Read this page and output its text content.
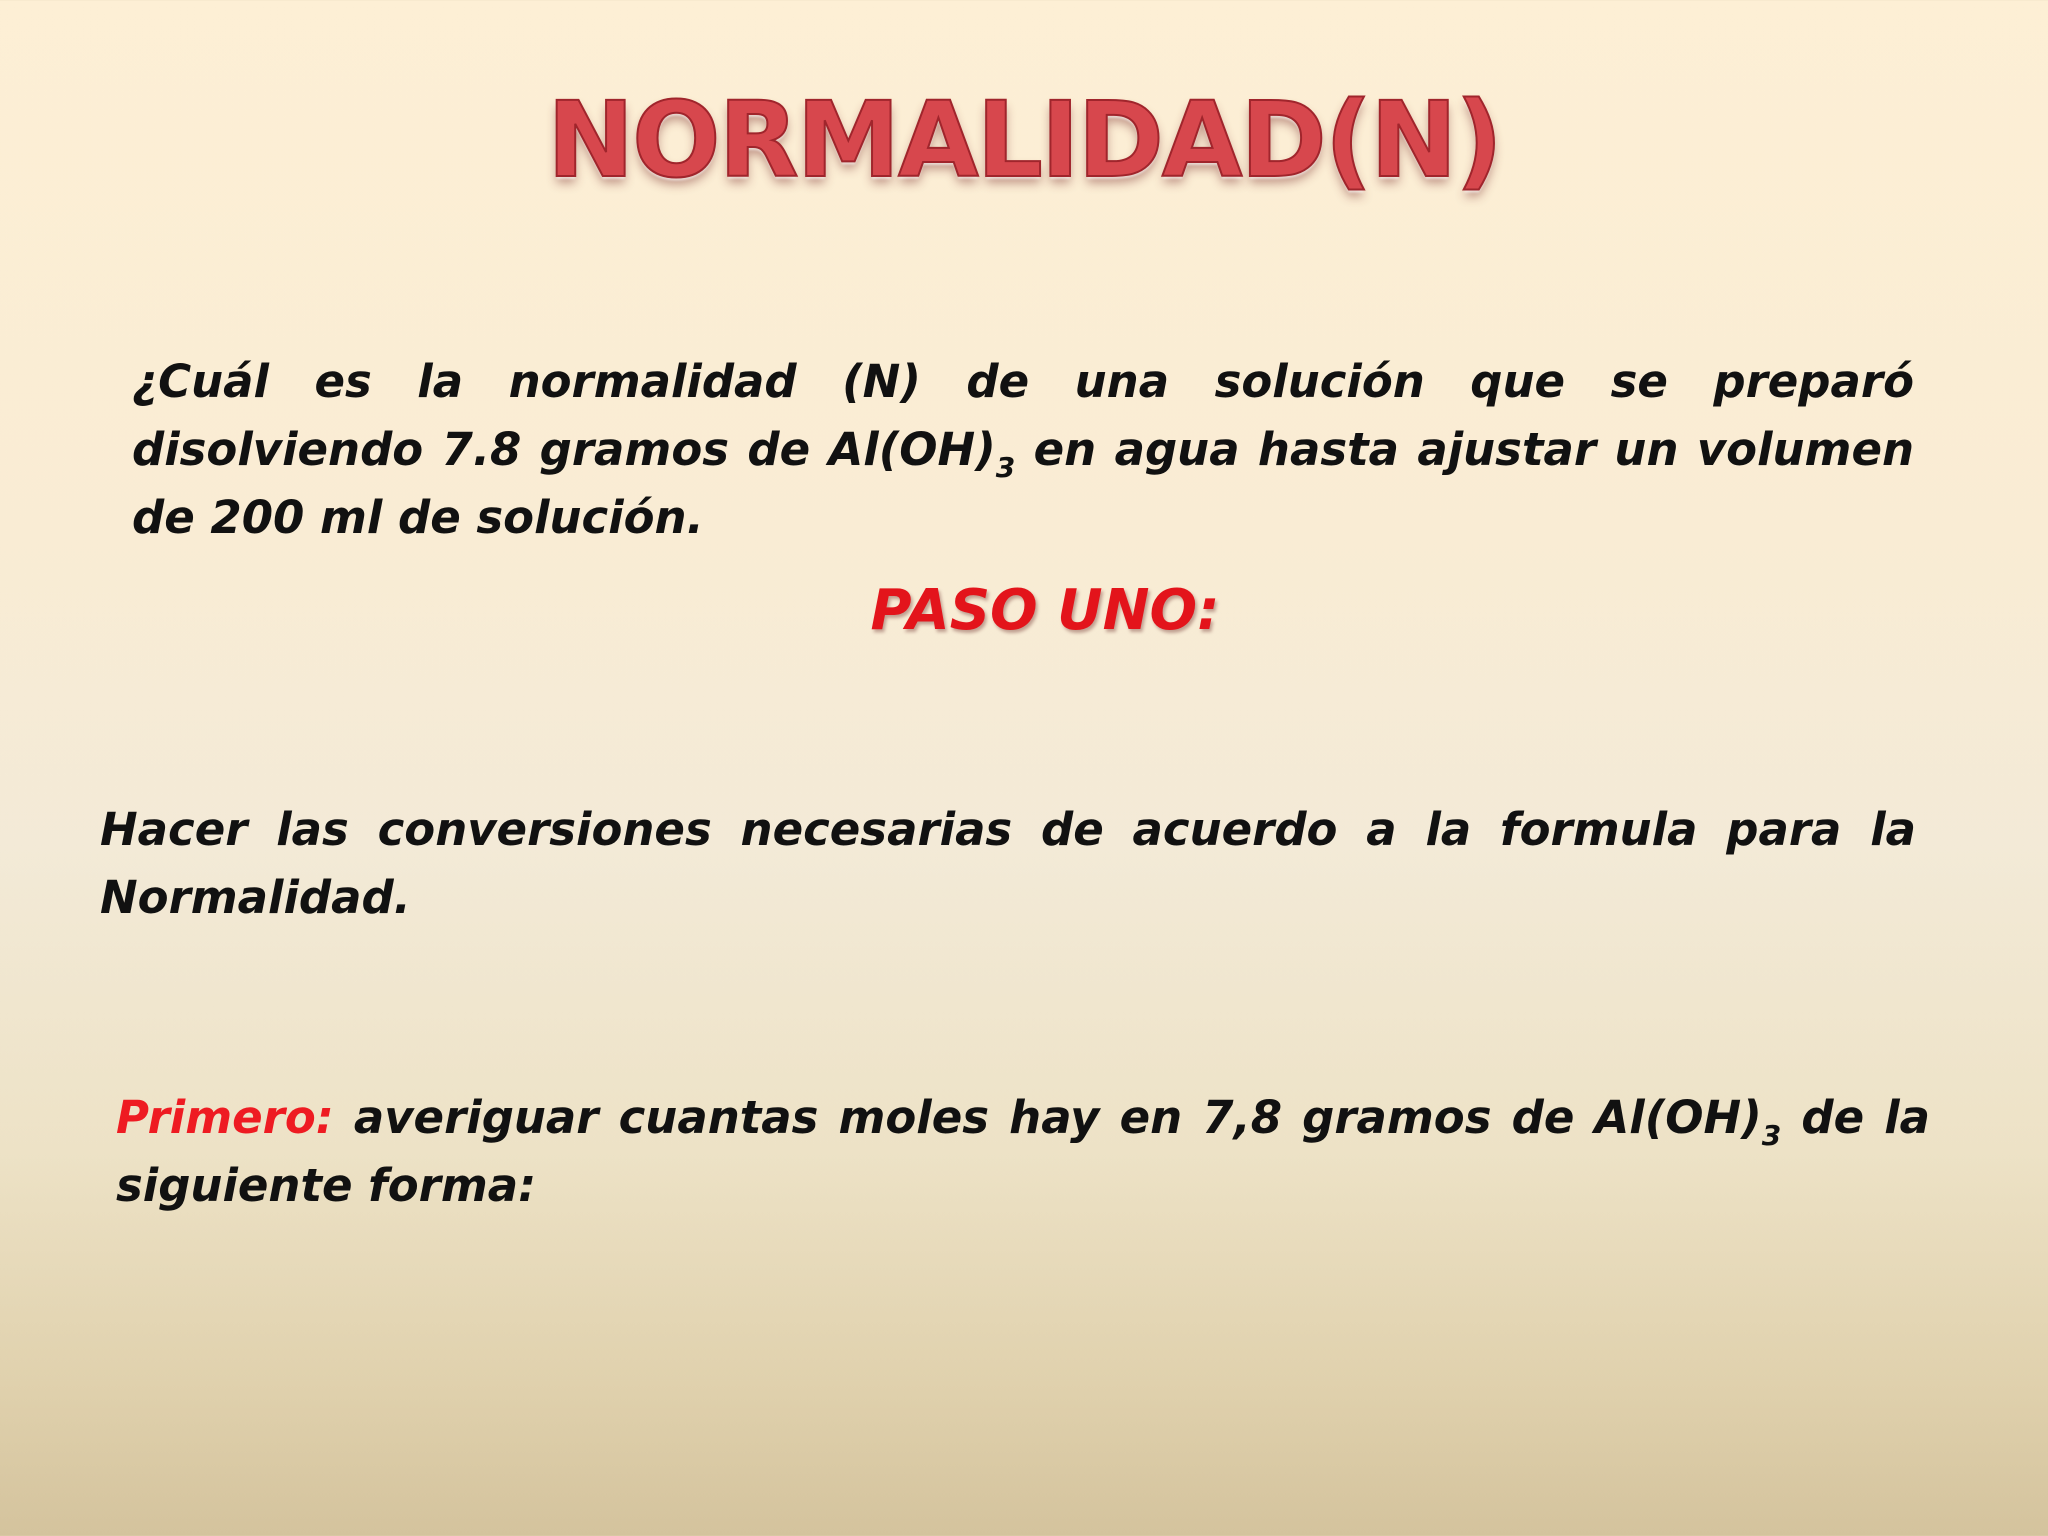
NORMALIDAD(N)
¿Cuál es la normalidad (N) de una solución que se preparó disolviendo 7.8 gramos de $Al(OH)_3$ en agua hasta ajustar un volumen de 200 ml de solución.
PASO UNO:
Hacer las conversiones necesarias de acuerdo a la formula para la Normalidad.
Primero: averiguar cuantas moles hay en 7,8 gramos de $Al(OH)_3$ de la siguiente forma:
